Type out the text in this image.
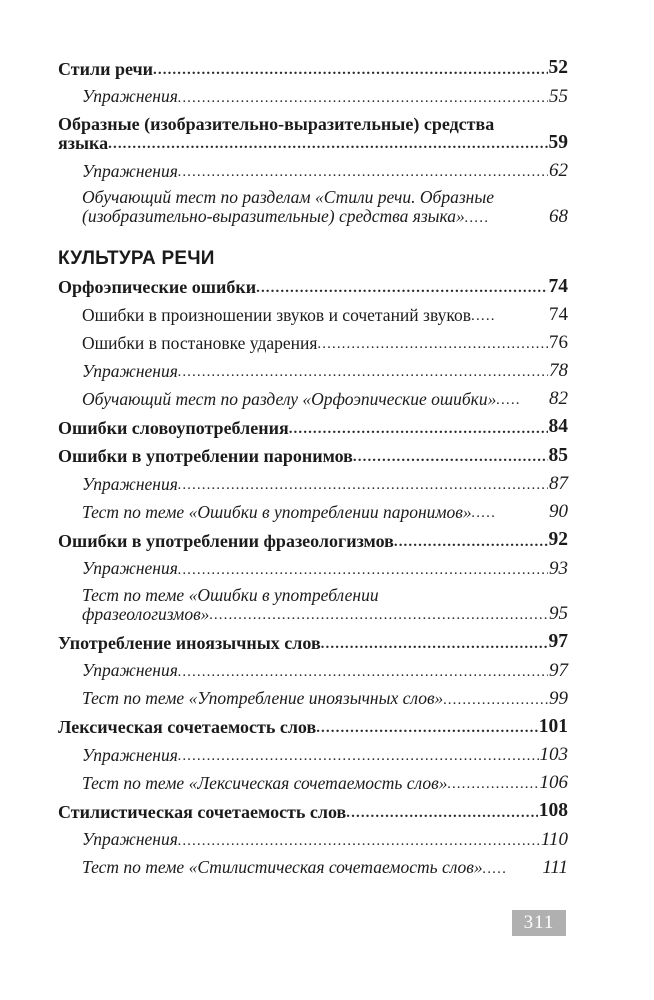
Стили речи .....	52
Упражнения .....	55
Образные (изобразительно-выразительные) средства
языка .....	59
Упражнения .....	62
Обучающий тест по разделам «Стили речи. Образные
(изобразительно-выразительные) средства языка» .....	68
КУЛЬТУРА РЕЧИ
Орфоэпические ошибки .....	74
Ошибки в произношении звуков и сочетаний звуков .....	74
Ошибки в постановке ударения .....	76
Упражнения .....	78
Обучающий тест по разделу «Орфоэпические ошибки» .....	82
Ошибки словоупотребления .....	84
Ошибки в употреблении паронимов .....	85
Упражнения .....	87
Тест по теме «Ошибки в употреблении паронимов» .....	90
Ошибки в употреблении фразеологизмов .....	92
Упражнения .....	93
Тест по теме «Ошибки в употреблении
фразеологизмов» .....	95
Употребление иноязычных слов .....	97
Упражнения .....	97
Тест по теме «Употребление иноязычных слов» .....	99
Лексическая сочетаемость слов .....	101
Упражнения .....	103
Тест по теме «Лексическая сочетаемость слов» .....	106
Стилистическая сочетаемость слов .....	108
Упражнения .....	110
Тест по теме «Стилистическая сочетаемость слов» .....	111
311
